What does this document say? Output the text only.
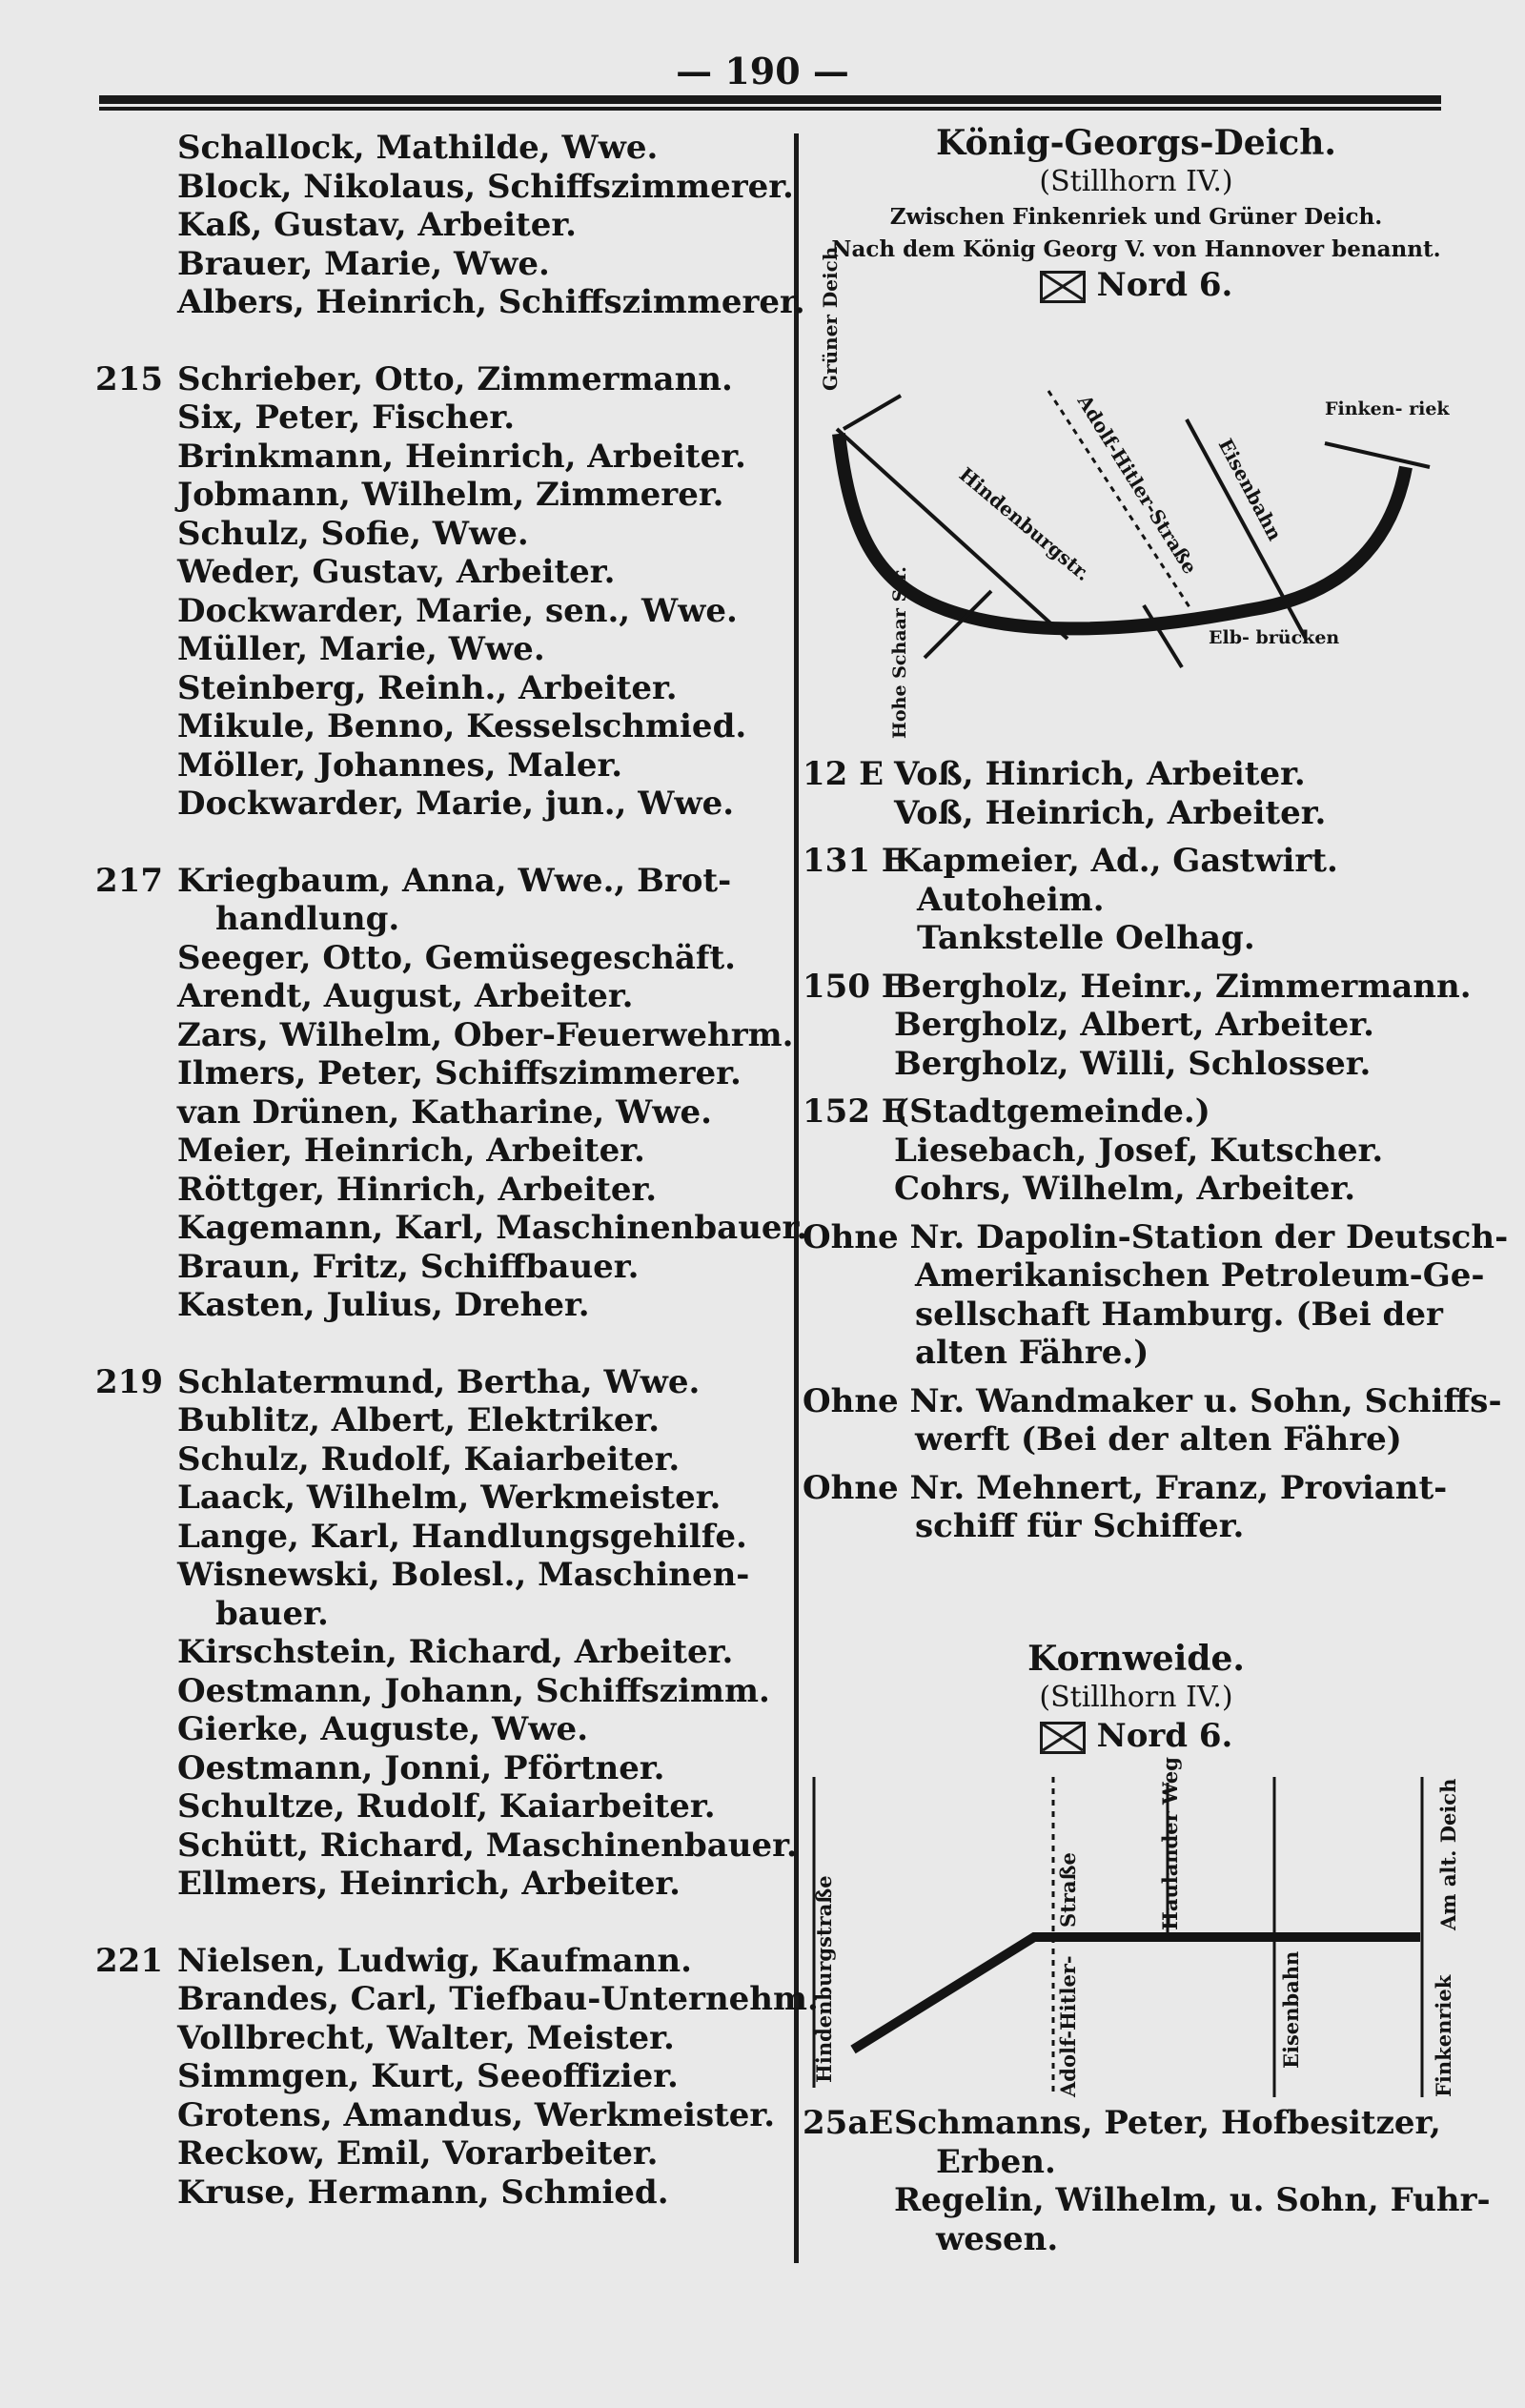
— 190 —
Schallock, Mathilde, Wwe.
Block, Nikolaus, Schiffszimmerer.
Kaß, Gustav, Arbeiter.
Brauer, Marie, Wwe.
Albers, Heinrich, Schiffszimmerer.
215 Schrieber, Otto, Zimmermann.
Six, Peter, Fischer.
Brinkmann, Heinrich, Arbeiter.
Jobmann, Wilhelm, Zimmerer.
Schulz, Sofie, Wwe.
Weder, Gustav, Arbeiter.
Dockwarder, Marie, sen., Wwe.
Müller, Marie, Wwe.
Steinberg, Reinh., Arbeiter.
Mikule, Benno, Kesselschmied.
Möller, Johannes, Maler.
Dockwarder, Marie, jun., Wwe.
217 Kriegbaum, Anna, Wwe., Brot-
handlung.
Seeger, Otto, Gemüsegeschäft.
Arendt, August, Arbeiter.
Zars, Wilhelm, Ober-Feuerwehrm.
Ilmers, Peter, Schiffszimmerer.
van Drünen, Katharine, Wwe.
Meier, Heinrich, Arbeiter.
Röttger, Hinrich, Arbeiter.
Kagemann, Karl, Maschinenbauer.
Braun, Fritz, Schiffbauer.
Kasten, Julius, Dreher.
219 Schlatermund, Bertha, Wwe.
Bublitz, Albert, Elektriker.
Schulz, Rudolf, Kaiarbeiter.
Laack, Wilhelm, Werkmeister.
Lange, Karl, Handlungsgehilfe.
Wisnewski, Bolesl., Maschinen-
bauer.
Kirschstein, Richard, Arbeiter.
Oestmann, Johann, Schiffszimm.
Gierke, Auguste, Wwe.
Oestmann, Jonni, Pförtner.
Schultze, Rudolf, Kaiarbeiter.
Schütt, Richard, Maschinenbauer.
Ellmers, Heinrich, Arbeiter.
221 Nielsen, Ludwig, Kaufmann.
Brandes, Carl, Tiefbau-Unternehm.
Vollbrecht, Walter, Meister.
Simmgen, Kurt, Seeoffizier.
Grotens, Amandus, Werkmeister.
Reckow, Emil, Vorarbeiter.
Kruse, Hermann, Schmied.
König-Georgs-Deich.
(Stillhorn IV.)
Zwischen Finkenriek und Grüner Deich.
Nach dem König Georg V. von Hannover benannt.
Nord 6.
Grüner Deich
Finken- riek
Hindenburgstr.
Adolf-Hitler-Straße Eisenbahn
Elb- brücken
Hohe Schaar Str.
12 E Voß, Hinrich, Arbeiter.
Voß, Heinrich, Arbeiter.
131 EKapmeier, Ad., Gastwirt.
Autoheim.
Tankstelle Oelhag.
150 EBergholz, Heinr., Zimmermann.
Bergholz, Albert, Arbeiter.
Bergholz, Willi, Schlosser.
152 E(Stadtgemeinde.)
Liesebach, Josef, Kutscher.
Cohrs, Wilhelm, Arbeiter.
Ohne Nr. Dapolin-Station der Deutsch-
Amerikanischen Petroleum-Ge-
sellschaft Hamburg. (Bei der
alten Fähre.)
Ohne Nr. Wandmaker u. Sohn, Schiffs-
werft (Bei der alten Fähre)
Ohne Nr. Mehnert, Franz, Proviant-
schiff für Schiffer.
Kornweide.
(Stillhorn IV.)
Nord 6.
Hindenburgstraße	Straße
Adolf-Hitler-
Haulander Weg
Eisenbahn
Am alt. Deich
Finkenriek
25aESchmanns, Peter, Hofbesitzer,
Erben.
Regelin, Wilhelm, u. Sohn, Fuhr-
wesen.
